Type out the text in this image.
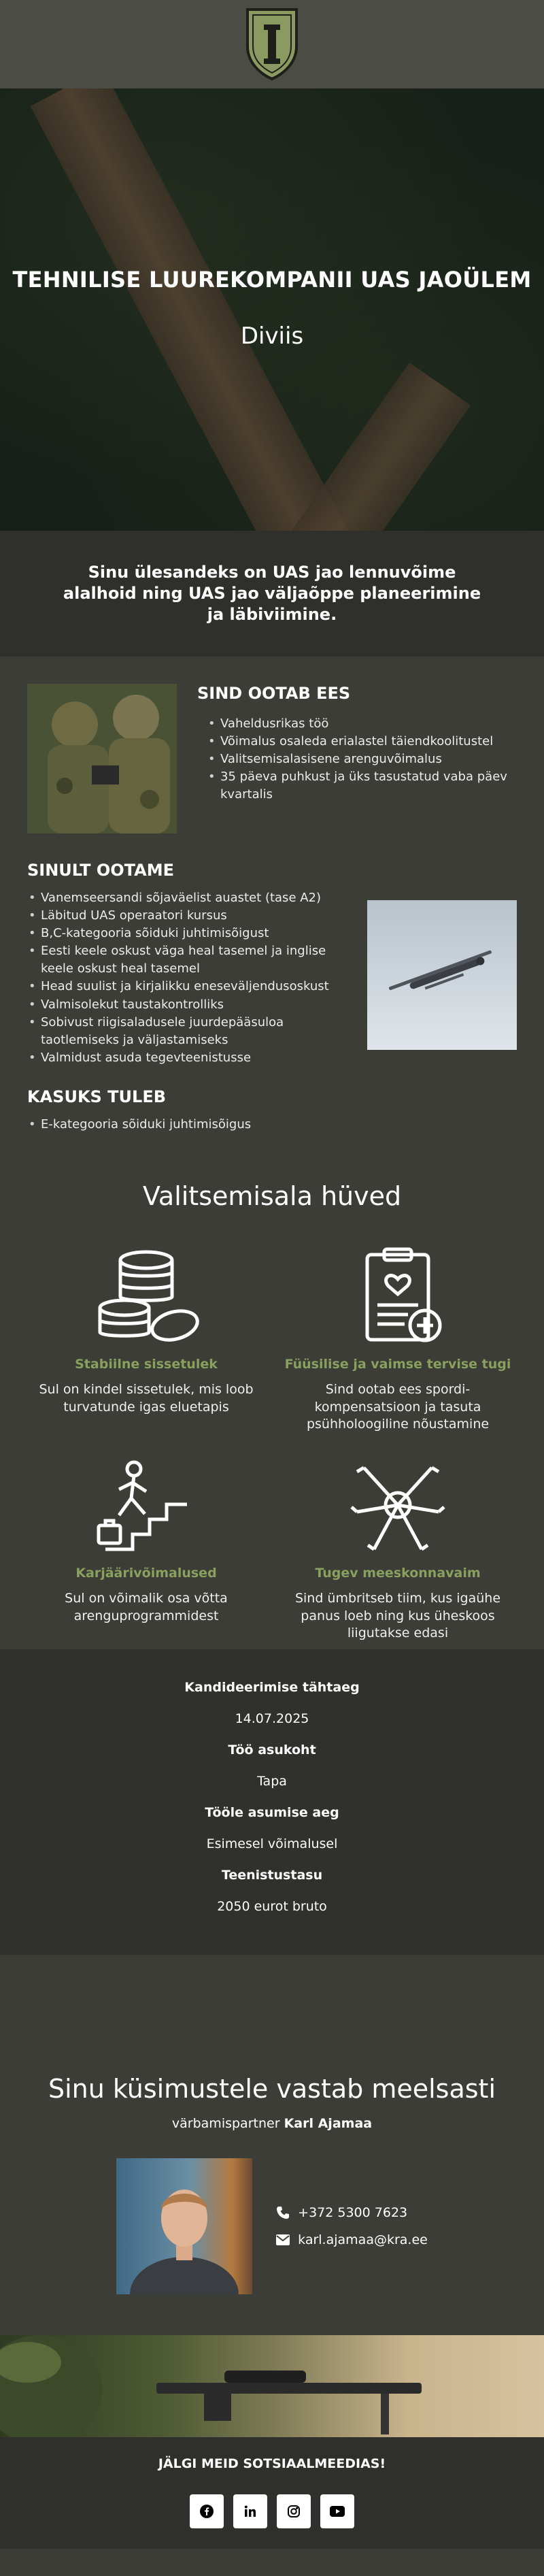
TEHNILISE LUUREKOMPANII UAS JAOÜLEM
Diviis

Sinu ülesandeks on UAS jao lennuvõime alalhoid ning UAS jao väljaõppe planeerimine ja läbiviimine.

SIND OOTAB EES
• Vaheldusrikas töö
• Võimalus osaleda erialastel täiendkoolitustel
• Valitsemisalasisene arenguvõimalus
• 35 päeva puhkust ja üks tasustatud vaba päev kvartalis
SINULT OOTAME
• Vanemseersandi sõjaväelist auastet (tase A2)
• Läbitud UAS operaatori kursus
• B,C-kategooria sõiduki juhtimisõigust
• Eesti keele oskust väga heal tasemel ja inglise keele oskust heal tasemel
• Head suulist ja kirjalikku eneseväljendusoskust
• Valmisolekut taustakontrolliks
• Sobivust riigisaladusele juurdepääsuloa taotlemiseks ja väljastamiseks
• Valmidust asuda tegevteenistusse
KASUKS TULEB
• E-kategooria sõiduki juhtimisõigus
Valitsemisala hüved
Stabiilne sissetulek
Sul on kindel sissetulek, mis loob turvatunde igas eluetapis
Füüsilise ja vaimse tervise tugi
Sind ootab ees spordi-kompensatsioon ja tasuta psühholoogiline nõustamine
Karjäärivõimalused
Sul on võimalik osa võtta arenguprogrammidest
Tugev meeskonnavaim
Sind ümbritseb tiim, kus igaühe panus loeb ning kus üheskoos liigutakse edasi
Kandideerimise tähtaeg
14.07.2025
Töö asukoht
Tapa
Tööle asumise aeg
Esimesel võimalusel
Teenistustasu
2050 eurot bruto
Sinu küsimustele vastab meelsasti
värbamispartner Karl Ajamaa
+372 5300 7623
karl.ajamaa@kra.ee
JÄLGI MEID SOTSIAALMEEDIAS!
